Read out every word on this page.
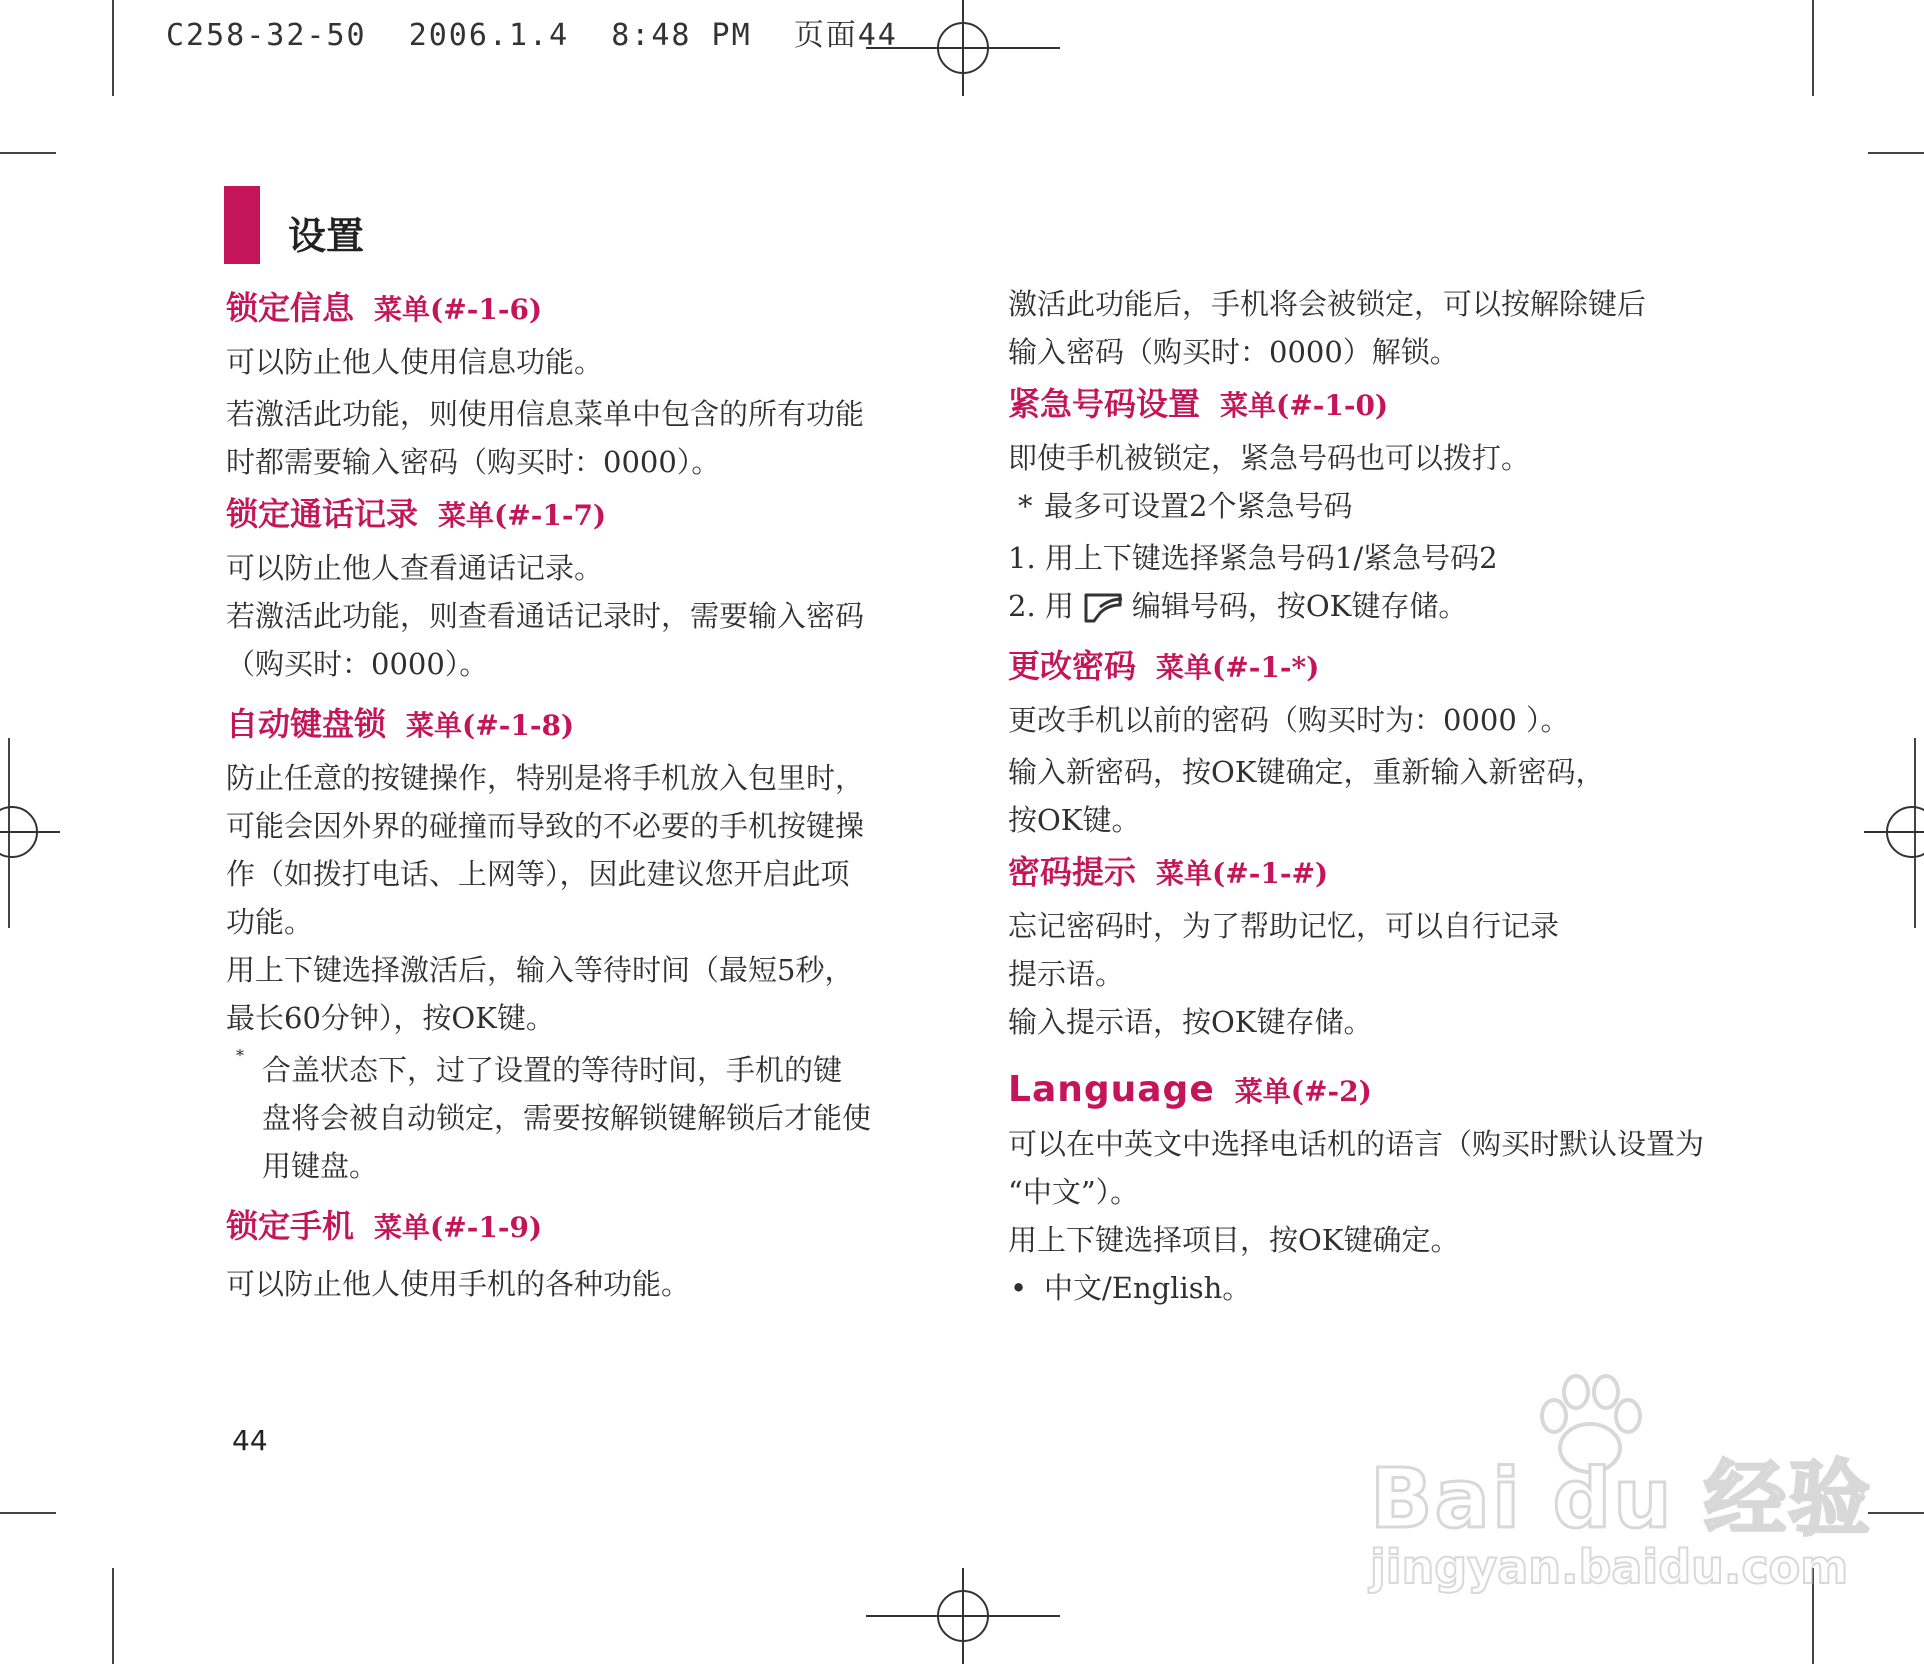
C258-32-50 2006.1.4 8:48 PM 页面44
设置
锁定信息 菜单(#-1-6)

可以防止他人使用信息功能。

若激活此功能，则使用信息菜单中包含的所有功能

时都需要输入密码（购买时：0000）。

锁定通话记录 菜单(#-1-7)

可以防止他人查看通话记录。

若激活此功能，则查看通话记录时，需要输入密码

（购买时：0000）。

自动键盘锁 菜单(#-1-8)

防止任意的按键操作，特别是将手机放入包里时，

可能会因外界的碰撞而导致的不必要的手机按键操

作（如拨打电话、上网等），因此建议您开启此项

功能。

用上下键选择激活后，输入等待时间（最短5秒，

最长60分钟），按OK键。

* 合盖状态下，过了设置的等待时间，手机的键

盘将会被自动锁定，需要按解锁键解锁后才能使

用键盘。

锁定手机 菜单(#-1-9)

可以防止他人使用手机的各种功能。

激活此功能后，手机将会被锁定，可以按解除键后

输入密码（购买时：0000）解锁。

紧急号码设置 菜单(#-1-0)

即使手机被锁定，紧急号码也可以拨打。

* 最多可设置2个紧急号码

1. 用上下键选择紧急号码1/紧急号码2

2. 用 编辑号码，按OK键存储。

更改密码 菜单(#-1-*)

更改手机以前的密码（购买时为：0000 ）。

输入新密码，按OK键确定，重新输入新密码，

按OK键。

密码提示 菜单(#-1-#)

忘记密码时，为了帮助记忆，可以自行记录

提示语。

输入提示语，按OK键存储。

Language 菜单(#-2)

可以在中英文中选择电话机的语言（购买时默认设置为

“中文”）。

用上下键选择项目，按OK键确定。

• 中文/English。

44
Bai du 经验
jingyan.baidu.com
